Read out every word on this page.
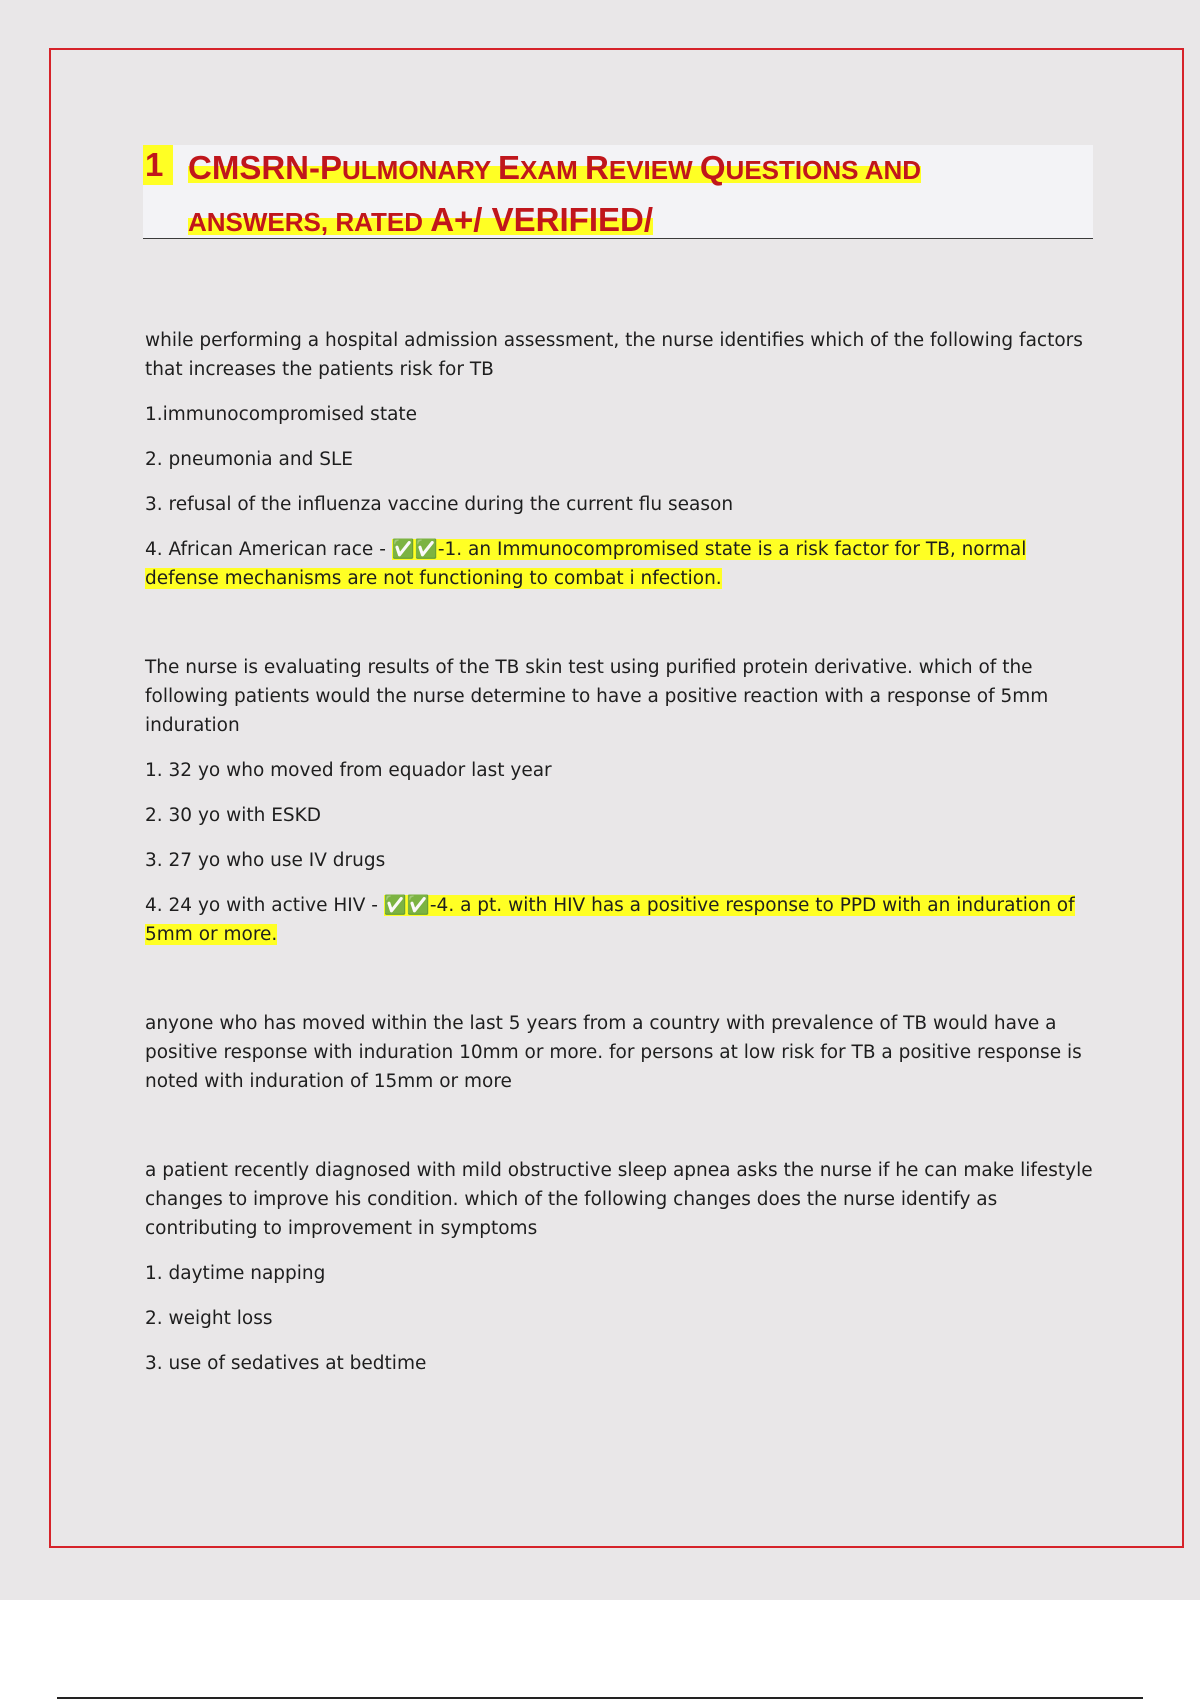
1 CMSRN-PULMONARY EXAM REVIEW QUESTIONS AND
ANSWERS, RATED A+/ VERIFIED/

while performing a hospital admission assessment, the nurse identifies which of the following factors that increases the patients risk for TB

1.immunocompromised state

2. pneumonia and SLE

3. refusal of the influenza vaccine during the current flu season

4. African American race - ✅✅-1. an Immunocompromised state is a risk factor for TB, normal defense mechanisms are not functioning to combat i nfection.

The nurse is evaluating results of the TB skin test using purified protein derivative. which of the following patients would the nurse determine to have a positive reaction with a response of 5mm induration

1. 32 yo who moved from equador last year

2. 30 yo with ESKD

3. 27 yo who use IV drugs

4. 24 yo with active HIV - ✅✅-4. a pt. with HIV has a positive response to PPD with an induration of 5mm or more.

anyone who has moved within the last 5 years from a country with prevalence of TB would have a positive response with induration 10mm or more. for persons at low risk for TB a positive response is noted with induration of 15mm or more

a patient recently diagnosed with mild obstructive sleep apnea asks the nurse if he can make lifestyle changes to improve his condition. which of the following changes does the nurse identify as contributing to improvement in symptoms

1. daytime napping

2. weight loss

3. use of sedatives at bedtime
